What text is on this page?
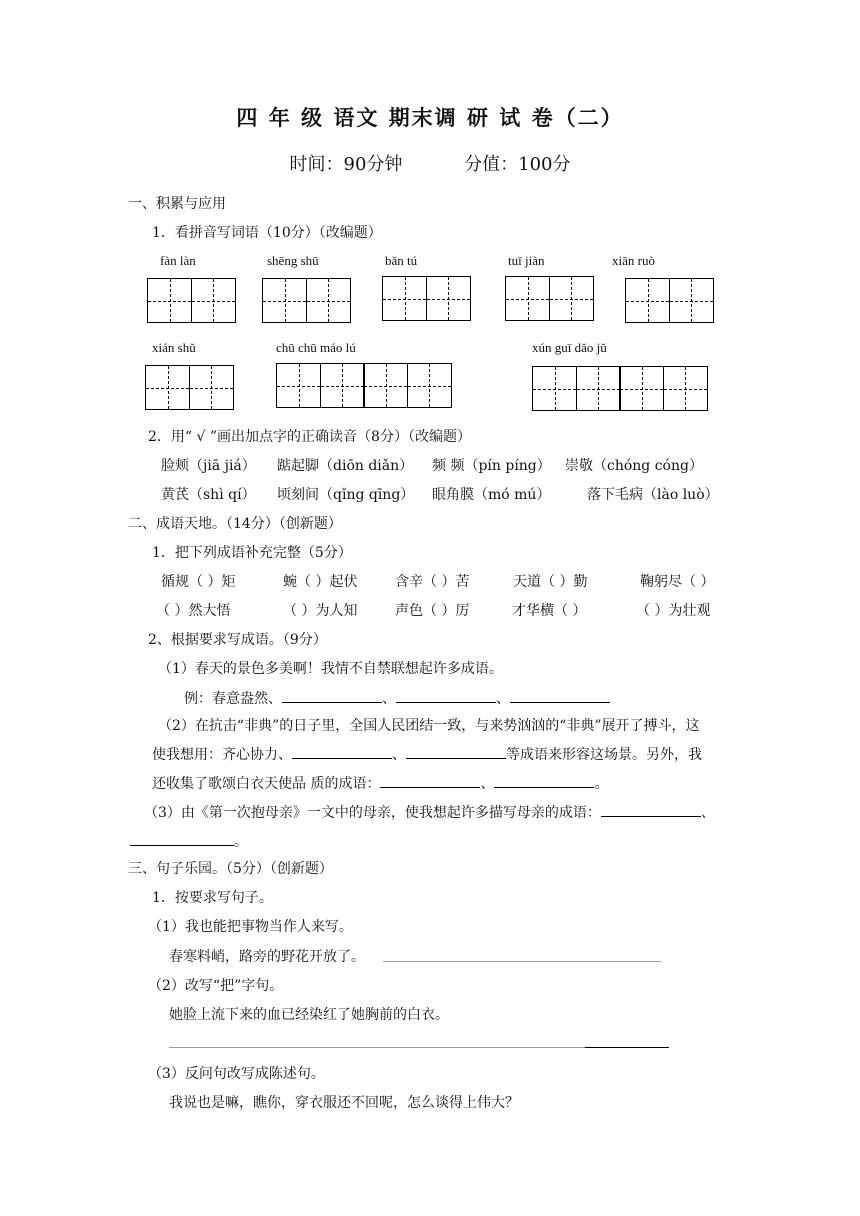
四 年 级 语文 期末调 研 试 卷（二）
时间：90分钟	分值：100分
一、积累与应用
1．看拼音写词语（10分）（改编题）
fàn làn	shēng shū	bǎn tú	tuī jiàn	xiān ruò
xián shǔ	chū chū máo lú	xún guī dǎo jǔ
2．用“ √ ”画出加点字的正确读音（8分）（改编题）
脸颊（jiā jiá） 踮起脚（diōn diǎn） 频 频（pín píng） 崇敬（chóng cóng）
黄芪（shì qí） 顷刻间（qǐng qīng） 眼角膜（mó mú）	落下毛病（lào luò）
二、成语天地。（14分）（创新题）
1．把下列成语补充完整（5分）
循规（ ）矩	蜿（ ）起伏	含辛（ ）苦	天道（ ）勤	鞠躬尽（ ）
（ ）然大悟	（ ）为人知	声色（ ）厉	才华横（ ）	（ ）为壮观
2、根据要求写成语。（9分）
（1）春天的景色多美啊！我情不自禁联想起许多成语。
例：春意盎然、	、	、
（2）在抗击“非典”的日子里，全国人民团结一致，与来势汹汹的“非典”展开了搏斗，这
使我想用：齐心协力、	、	等成语来形容这场景。另外，我
还收集了歌颂白衣天使品 质的成语：	、	。
（3）由《第一次抱母亲》一文中的母亲，使我想起许多描写母亲的成语：	、
。
三、句子乐园。（5分）（创新题）
1．按要求写句子。
（1）我也能把事物当作人来写。
春寒料峭，路旁的野花开放了。
（2）改写“把”字句。
她脸上流下来的血已经染红了她胸前的白衣。
（3）反问句改写成陈述句。
我说也是嘛，瞧你，穿衣服还不回呢，怎么谈得上伟大？
